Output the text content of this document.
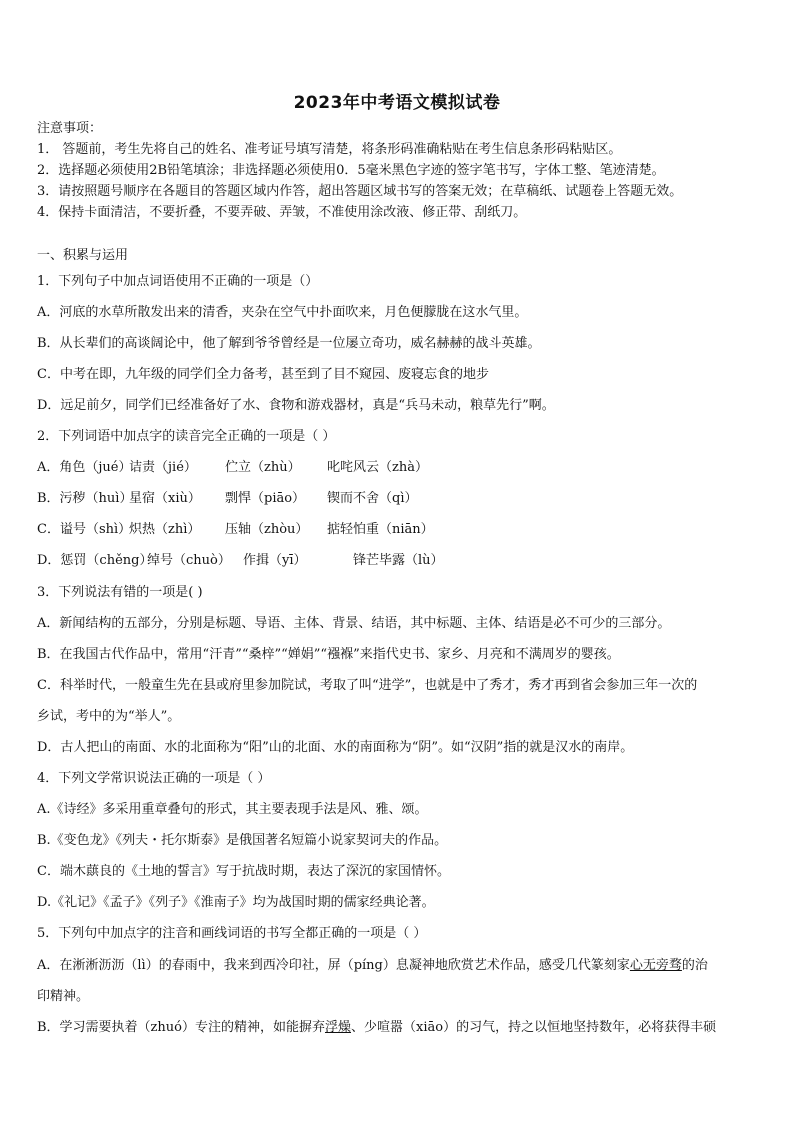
2023年中考语文模拟试卷
注意事项：
1． 答题前，考生先将自己的姓名、准考证号填写清楚，将条形码准确粘贴在考生信息条形码粘贴区。
2．选择题必须使用2B铅笔填涂；非选择题必须使用0．5毫米黑色字迹的签字笔书写，字体工整、笔迹清楚。
3．请按照题号顺序在各题目的答题区域内作答，超出答题区域书写的答案无效；在草稿纸、试题卷上答题无效。
4．保持卡面清洁，不要折叠，不要弄破、弄皱，不准使用涂改液、修正带、刮纸刀。
一、积累与运用
1．下列句子中加点词语使用不正确的一项是（）
A．河底的水草所散发出来的清香，夹杂在空气中扑面吹来，月色便朦胧在这水气里。
B．从长辈们的高谈阔论中，他了解到爷爷曾经是一位屡立奇功，威名赫赫的战斗英雄。
C．中考在即，九年级的同学们全力备考，甚至到了目不窥园、废寝忘食的地步
D．远足前夕，同学们已经准备好了水、食物和游戏器材，真是“兵马未动，粮草先行”啊。
2．下列词语中加点字的读音完全正确的一项是（ ）
A．角色（jué）诘责（jié） 伫立（zhù） 叱咤风云（zhà）
B．污秽（huì）星宿（xiù） 剽悍（piāo） 锲而不舍（qì）
C．谥号（shì）炽热（zhì） 压轴（zhòu） 掂轻怕重（niān）
D．惩罚（chěng）绰号（chuò） 作揖（yī）	锋芒毕露（lù）
3．下列说法有错的一项是( )
A．新闻结构的五部分，分别是标题、导语、主体、背景、结语，其中标题、主体、结语是必不可少的三部分。
B．在我国古代作品中，常用“汗青”“桑梓”“婵娟”“襁褓”来指代史书、家乡、月亮和不满周岁的婴孩。
C．科举时代，一般童生先在县或府里参加院试，考取了叫“进学”，也就是中了秀才，秀才再到省会参加三年一次的
乡试，考中的为“举人”。
D．古人把山的南面、水的北面称为“阳”山的北面、水的南面称为“阴”。如“汉阴”指的就是汉水的南岸。
4．下列文学常识说法正确的一项是（ ）
A.《诗经》多采用重章叠句的形式，其主要表现手法是风、雅、颂。
B.《变色龙》《列夫・托尔斯泰》是俄国著名短篇小说家契诃夫的作品。
C．端木蕻良的《土地的誓言》写于抗战时期，表达了深沉的家国情怀。
D.《礼记》《孟子》《列子》《淮南子》均为战国时期的儒家经典论著。
5．下列句中加点字的注音和画线词语的书写全都正确的一项是（ ）
A．在淅淅沥沥（lì）的春雨中，我来到西冷印社，屏（píng）息凝神地欣赏艺术作品，感受几代篆刻家心无旁骛的治
印精神。
B．学习需要执着（zhuó）专注的精神，如能摒弃浮燥、少喧嚣（xiāo）的习气，持之以恒地坚持数年，必将获得丰硕
